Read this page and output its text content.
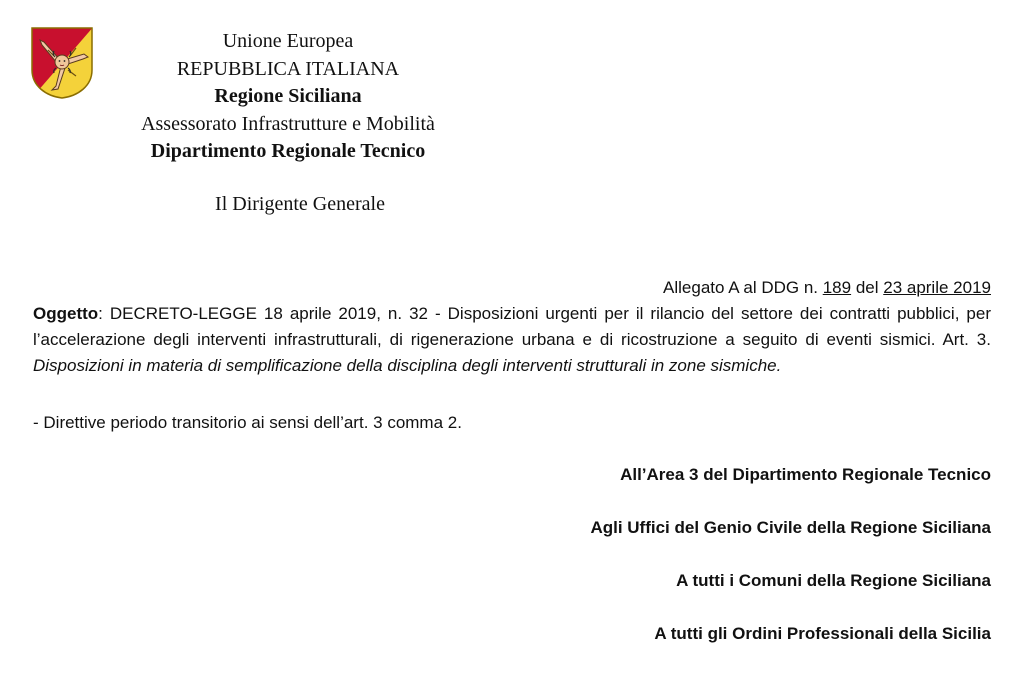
Unione Europea
REPUBBLICA ITALIANA
Regione Siciliana
Assessorato Infrastrutture e Mobilità
Dipartimento Regionale Tecnico
Il Dirigente Generale
Allegato A al DDG n. 189 del 23 aprile 2019
Oggetto: DECRETO-LEGGE 18 aprile 2019, n. 32 - Disposizioni urgenti per il rilancio del settore dei contratti pubblici, per l’accelerazione degli interventi infrastrutturali, di rigenerazione urbana e di ricostruzione a seguito di eventi sismici. Art. 3. Disposizioni in materia di semplificazione della disciplina degli interventi strutturali in zone sismiche.
- Direttive periodo transitorio ai sensi dell’art. 3 comma 2.
All’Area 3 del Dipartimento Regionale Tecnico
Agli Uffici del Genio Civile della Regione Siciliana
A tutti i Comuni della Regione Siciliana
A tutti gli Ordini Professionali della Sicilia
